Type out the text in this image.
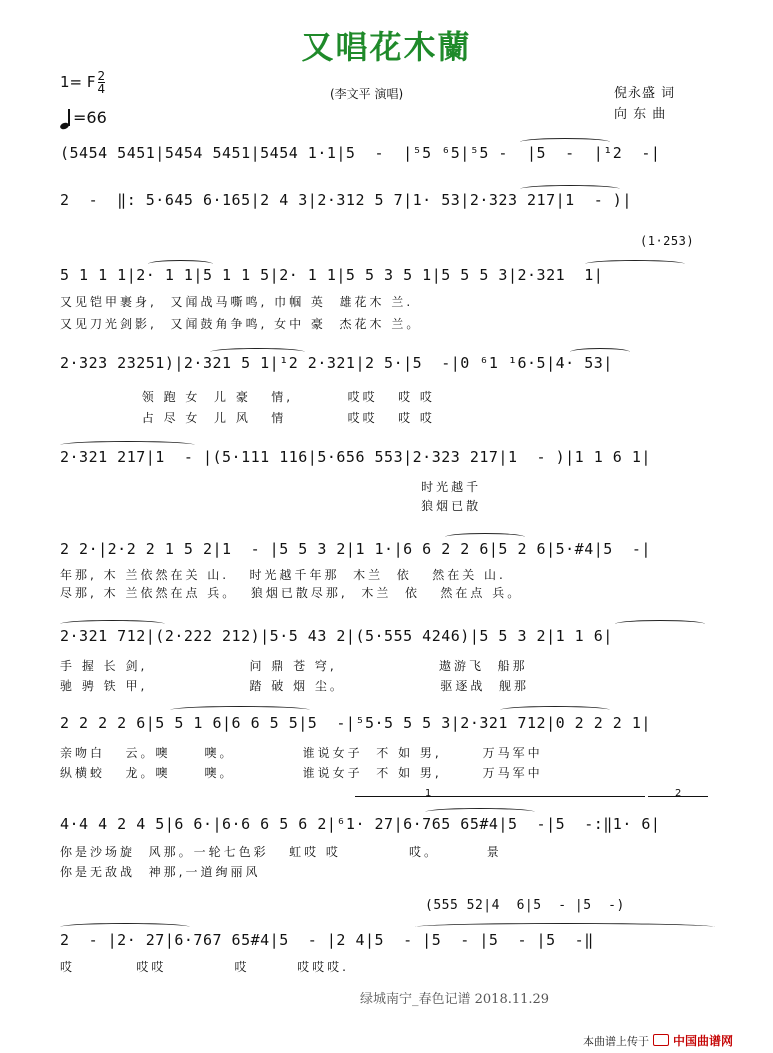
又唱花木蘭
1= F $\frac{2}{4}$
=66
(李文平 演唱)	倪永盛 词
向 东 曲
(5454 5451|5454 5451|5454 1·1|5  -  |⁵5 ⁶5|⁵5 -  |5  -  |¹2  -|
2  -  ‖: 5·645 6·165|2 4 3|2·312 5 7|1· 53|2·323 217|1  - )|
(1·253)
5 1 1 1|2· 1 1|5 1 1 5|2· 1 1|5 5 3 5 1|5 5 5 3|2·321  1|
又见铠甲裹身,  又闻战马嘶鸣, 巾帼 英  雄花木 兰.
又见刀光剑影,  又闻鼓角争鸣, 女中 豪  杰花木 兰。
2·323 23251)|2·321 5 1|¹2 2·321|2 5·|5  -|0 ⁶1 ¹6·5|4· 53|
领 跑 女  儿 豪   情,        哎哎   哎 哎
占 尽 女  儿 风   情         哎哎   哎 哎
2·321 217|1  - |(5·111 116|5·656 553|2·323 217|1  - )|1 1 6 1|
时光越千
狼烟已散
2 2·|2·2 2 1 5 2|1  - |5 5 3 2|1 1·|6 6 2 2 6|5 2 6|5·#4|5  -|
年那, 木 兰依然在关 山.   时光越千年那  木兰  依   然在关 山.
尽那, 木 兰依然在点 兵。  狼烟已散尽那,  木兰  依   然在点 兵。
2·321 712|(2·222 212)|5·5 43 2|(5·555 4246)|5 5 3 2|1 1 6|
手 握 长 剑,               问 鼎 苍 穹,               遨游飞  船那
驰 骋 铁 甲,               踏 破 烟 尘。              驱逐战  舰那
2 2 2 2 6|5 5 1 6|6 6 5 5|5  -|⁵5·5 5 5 3|2·321 712|0 2 2 2 1|
亲吻白   云。噢     噢。          谁说女子  不 如 男,      万马军中
纵横蛟   龙。噢     噢。          谁说女子  不 如 男,      万马军中
1	2
4·4 4 2 4 5|6 6·|6·6 6 5 6 2|⁶1· 27|6·765 65#4|5  -|5  -:‖1· 6|
你是沙场旋  风那。一轮七色彩   虹哎 哎          哎。       景
你是无敌战  神那,一道绚丽风
(555 52|4  6|5  - |5  -)
2  - |2· 27|6·767 65#4|5  - |2 4|5  - |5  - |5  - |5  -‖
哎         哎哎          哎       哎哎哎.
绿城南宁_春色记谱 2018.11.29
本曲谱上传于 中国曲谱网
